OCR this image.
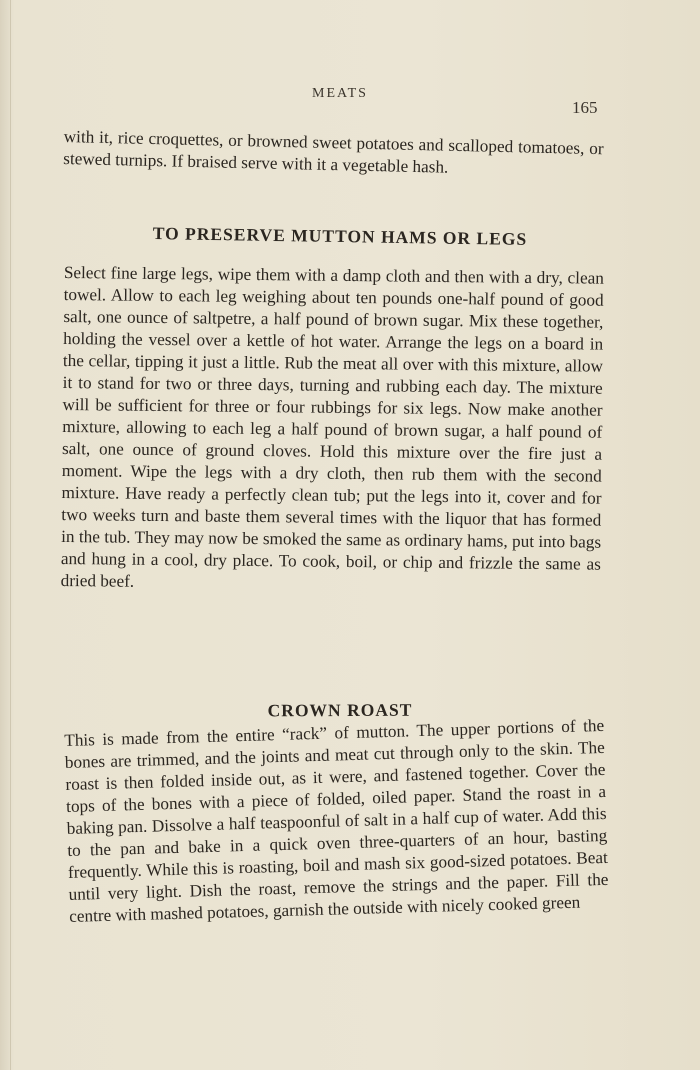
MEATS
165

with it, rice croquettes, or browned sweet potatoes and scalloped tomatoes, or stewed turnips. If braised serve with it a vegetable hash.

TO PRESERVE MUTTON HAMS OR LEGS

Select fine large legs, wipe them with a damp cloth and then with a dry, clean towel. Allow to each leg weighing about ten pounds one-half pound of good salt, one ounce of saltpetre, a half pound of brown sugar. Mix these together, holding the vessel over a kettle of hot water. Arrange the legs on a board in the cellar, tipping it just a little. Rub the meat all over with this mixture, allow it to stand for two or three days, turning and rubbing each day. The mixture will be sufficient for three or four rubbings for six legs. Now make another mixture, allowing to each leg a half pound of brown sugar, a half pound of salt, one ounce of ground cloves. Hold this mixture over the fire just a moment. Wipe the legs with a dry cloth, then rub them with the second mixture. Have ready a perfectly clean tub; put the legs into it, cover and for two weeks turn and baste them several times with the liquor that has formed in the tub. They may now be smoked the same as ordinary hams, put into bags and hung in a cool, dry place. To cook, boil, or chip and frizzle the same as dried beef.

CROWN ROAST

This is made from the entire “rack” of mutton. The upper portions of the bones are trimmed, and the joints and meat cut through only to the skin. The roast is then folded inside out, as it were, and fastened together. Cover the tops of the bones with a piece of folded, oiled paper. Stand the roast in a baking pan. Dissolve a half teaspoonful of salt in a half cup of water. Add this to the pan and bake in a quick oven three-quarters of an hour, basting frequently. While this is roasting, boil and mash six good-sized potatoes. Beat until very light. Dish the roast, remove the strings and the paper. Fill the centre with mashed potatoes, garnish the outside with nicely cooked green
